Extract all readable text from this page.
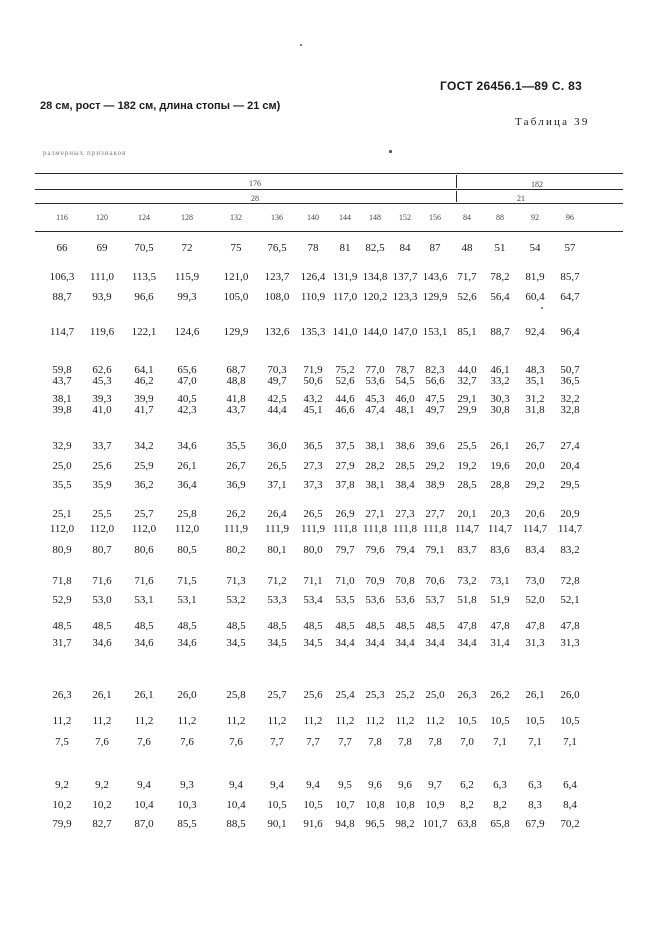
ГОСТ 26456.1—89 С. 83
28 см, рост — 182 см, длина стопы — 21 см)
Таблица 39
размерных признаков
176	182
28	21
116	120	124	128	132	136	140	144 148 152 156	84	88	92	96
66	69 70,5	72	75 76,5 78 81 82,5 84 87 48 51 54 57
106,3 111,0 113,5 115,9 121,0 123,7 126,4 131,9 134,8 137,7 143,6 71,7 78,2 81,9 85,7
88,7 93,9 96,6 99,3 105,0 108,0 110,9 117,0 120,2 123,3 129,9 52,6 56,4 60,4 64,7
114,7 119,6 122,1 124,6 129,9 132,6 135,3 141,0 144,0 147,0 153,1 85,1 88,7 92,4 96,4
59,8 62,6 64,1 65,6	68,7 70,3 71,9 75,2 77,0 78,7 82,3 44,0 46,1 48,3 50,7
43,7 45,3 46,2 47,0	48,8 49,7 50,6 52,6 53,6 54,5 56,6 32,7 33,2 35,1 36,5
38,1 39,3 39,9 40,5	41,8 42,5 43,2 44,6 45,3 46,0 47,5 29,1 30,3 31,2 32,2
39,8 41,0 41,7 42,3	43,7 44,4 45,1 46,6 47,4 48,1 49,7 29,9 30,8 31,8 32,8
32,9 33,7 34,2 34,6	35,5 36,0 36,5 37,5 38,1 38,6 39,6 25,5 26,1 26,7 27,4
25,0 25,6 25,9 26,1	26,7 26,5 27,3 27,9 28,2 28,5 29,2 19,2 19,6 20,0 20,4
35,5 35,9 36,2 36,4	36,9 37,1 37,3 37,8 38,1 38,4 38,9 28,5 28,8 29,2 29,5
25,1 25,5 25,7 25,8	26,2 26,4 26,5 26,9 27,1 27,3 27,7 20,1 20,3 20,6 20,9
112,0 112,0 112,0 112,0 111,9 111,9 111,9 111,8 111,8 111,8 111,8 114,7 114,7 114,7 114,7
80,9 80,7 80,6 80,5	80,2 80,1 80,0 79,7 79,6 79,4 79,1 83,7 83,6 83,4 83,2
71,8 71,6 71,6 71,5	71,3 71,2 71,1 71,0 70,9 70,8 70,6 73,2 73,1 73,0 72,8
52,9 53,0 53,1 53,1	53,2 53,3 53,4 53,5 53,6 53,6 53,7 51,8 51,9 52,0 52,1
48,5 48,5 48,5 48,5	48,5 48,5 48,5 48,5 48,5 48,5 48,5 47,8 47,8 47,8 47,8
31,7 34,6 34,6 34,6	34,5 34,5 34,5 34,4 34,4 34,4 34,4 34,4 31,4 31,3 31,3
26,3 26,1 26,1 26,0	25,8 25,7 25,6 25,4 25,3 25,2 25,0 26,3 26,2 26,1 26,0
11,2 11,2 11,2 11,2	11,2 11,2 11,2 11,2 11,2 11,2 11,2 10,5 10,5 10,5 10,5
7,5 7,6	7,6	7,6	7,6 7,7 7,7 7,7 7,8 7,8 7,8 7,0 7,1 7,1 7,1
9,2 9,2	9,4	9,3	9,4 9,4 9,4 9,5 9,6 9,6 9,7 6,2 6,3 6,3 6,4
10,2 10,2 10,4 10,3	10,4 10,5 10,5 10,7 10,8 10,8 10,9 8,2 8,2 8,3 8,4
79,9 82,7 87,0 85,5	88,5 90,1 91,6 94,8 96,5 98,2 101,7 63,8 65,8 67,9 70,2
